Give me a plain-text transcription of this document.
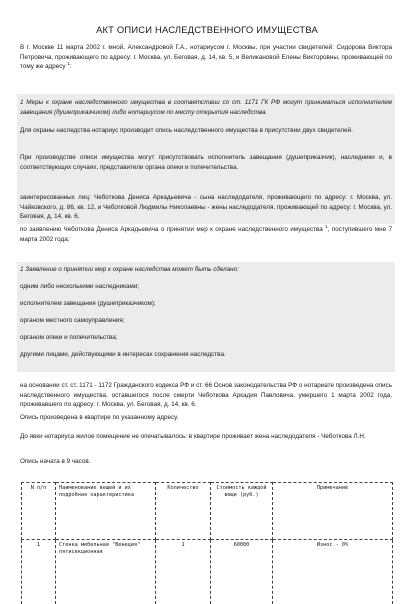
АКТ ОПИСИ НАСЛЕДСТВЕННОГО ИМУЩЕСТВА
В г. Москве 11 марта 2002 г. мной, Александровой Г.А., нотариусом г. Москвы, при участии свидетелей: Сидорова Виктора Петровича, проживающего по адресу: г. Москва, ул. Беговая, д. 14, кв. 5, и Великановой Елены Викторовны, проживающей по тому же адресу $^1$:
1 Меры к охране наследственного имущества в соответствии со ст. 1171 ГК РФ могут приниматься исполнителем завещания (душеприказчиком) либо нотариусом по месту открытия наследства.
Для охраны наследства нотариус производит опись наследственного имущества в присутствии двух свидетелей.
При производстве описи имущества могут присутствовать исполнитель завещания (душеприказчик), наследники и, в соответствующих случаях, представители органа опеки и попечительства.
заинтересованных лиц: Чеботкова Дениса Аркадьевича - сына наследодателя, проживающего по адресу: г. Москва, ул. Чайковского, д. 86, кв. 12, и Чеботковой Людмилы Николаевны - жены наследодателя, проживающей по адресу: г. Москва, ул. Беговая, д. 14, кв. 6,
по заявлению Чеботкова Дениса Аркадьевича о принятии мер к охране наследственного имущества $^1$, поступившего мне 7 марта 2002 года;
1 Заявление о принятии мер к охране наследства может быть сделано:
одним либо несколькими наследниками;
исполнителем завещания (душеприказчиком);
органом местного самоуправления;
органом опеки и попечительства;
другими лицами, действующими в интересах сохранения наследства.
на основании ст. ст. 1171 - 1172 Гражданского кодекса РФ и ст. 66 Основ законодательства РФ о нотариате произведена опись наследственного имущества, оставшегося после смерти Чеботкова Аркадия Павловича, умершего 1 марта 2002 года, проживавшего по адресу: г. Москва, ул. Беговая, д. 14, кв. 6.
Опись произведена в квартире по указанному адресу.
До явки нотариуса жилое помещение не опечатывалось: в квартире проживает жена наследодателя - Чеботкова Л.Н.
Опись начата в 9 часов.
N п/п	Наименование вещей и их подробная характеристика	Количество	Стоимость каждой вещи (руб.)	Примечание
1	Стенка мебельная "Венеция" пятисекционная	1	60000	Износ - 0%
